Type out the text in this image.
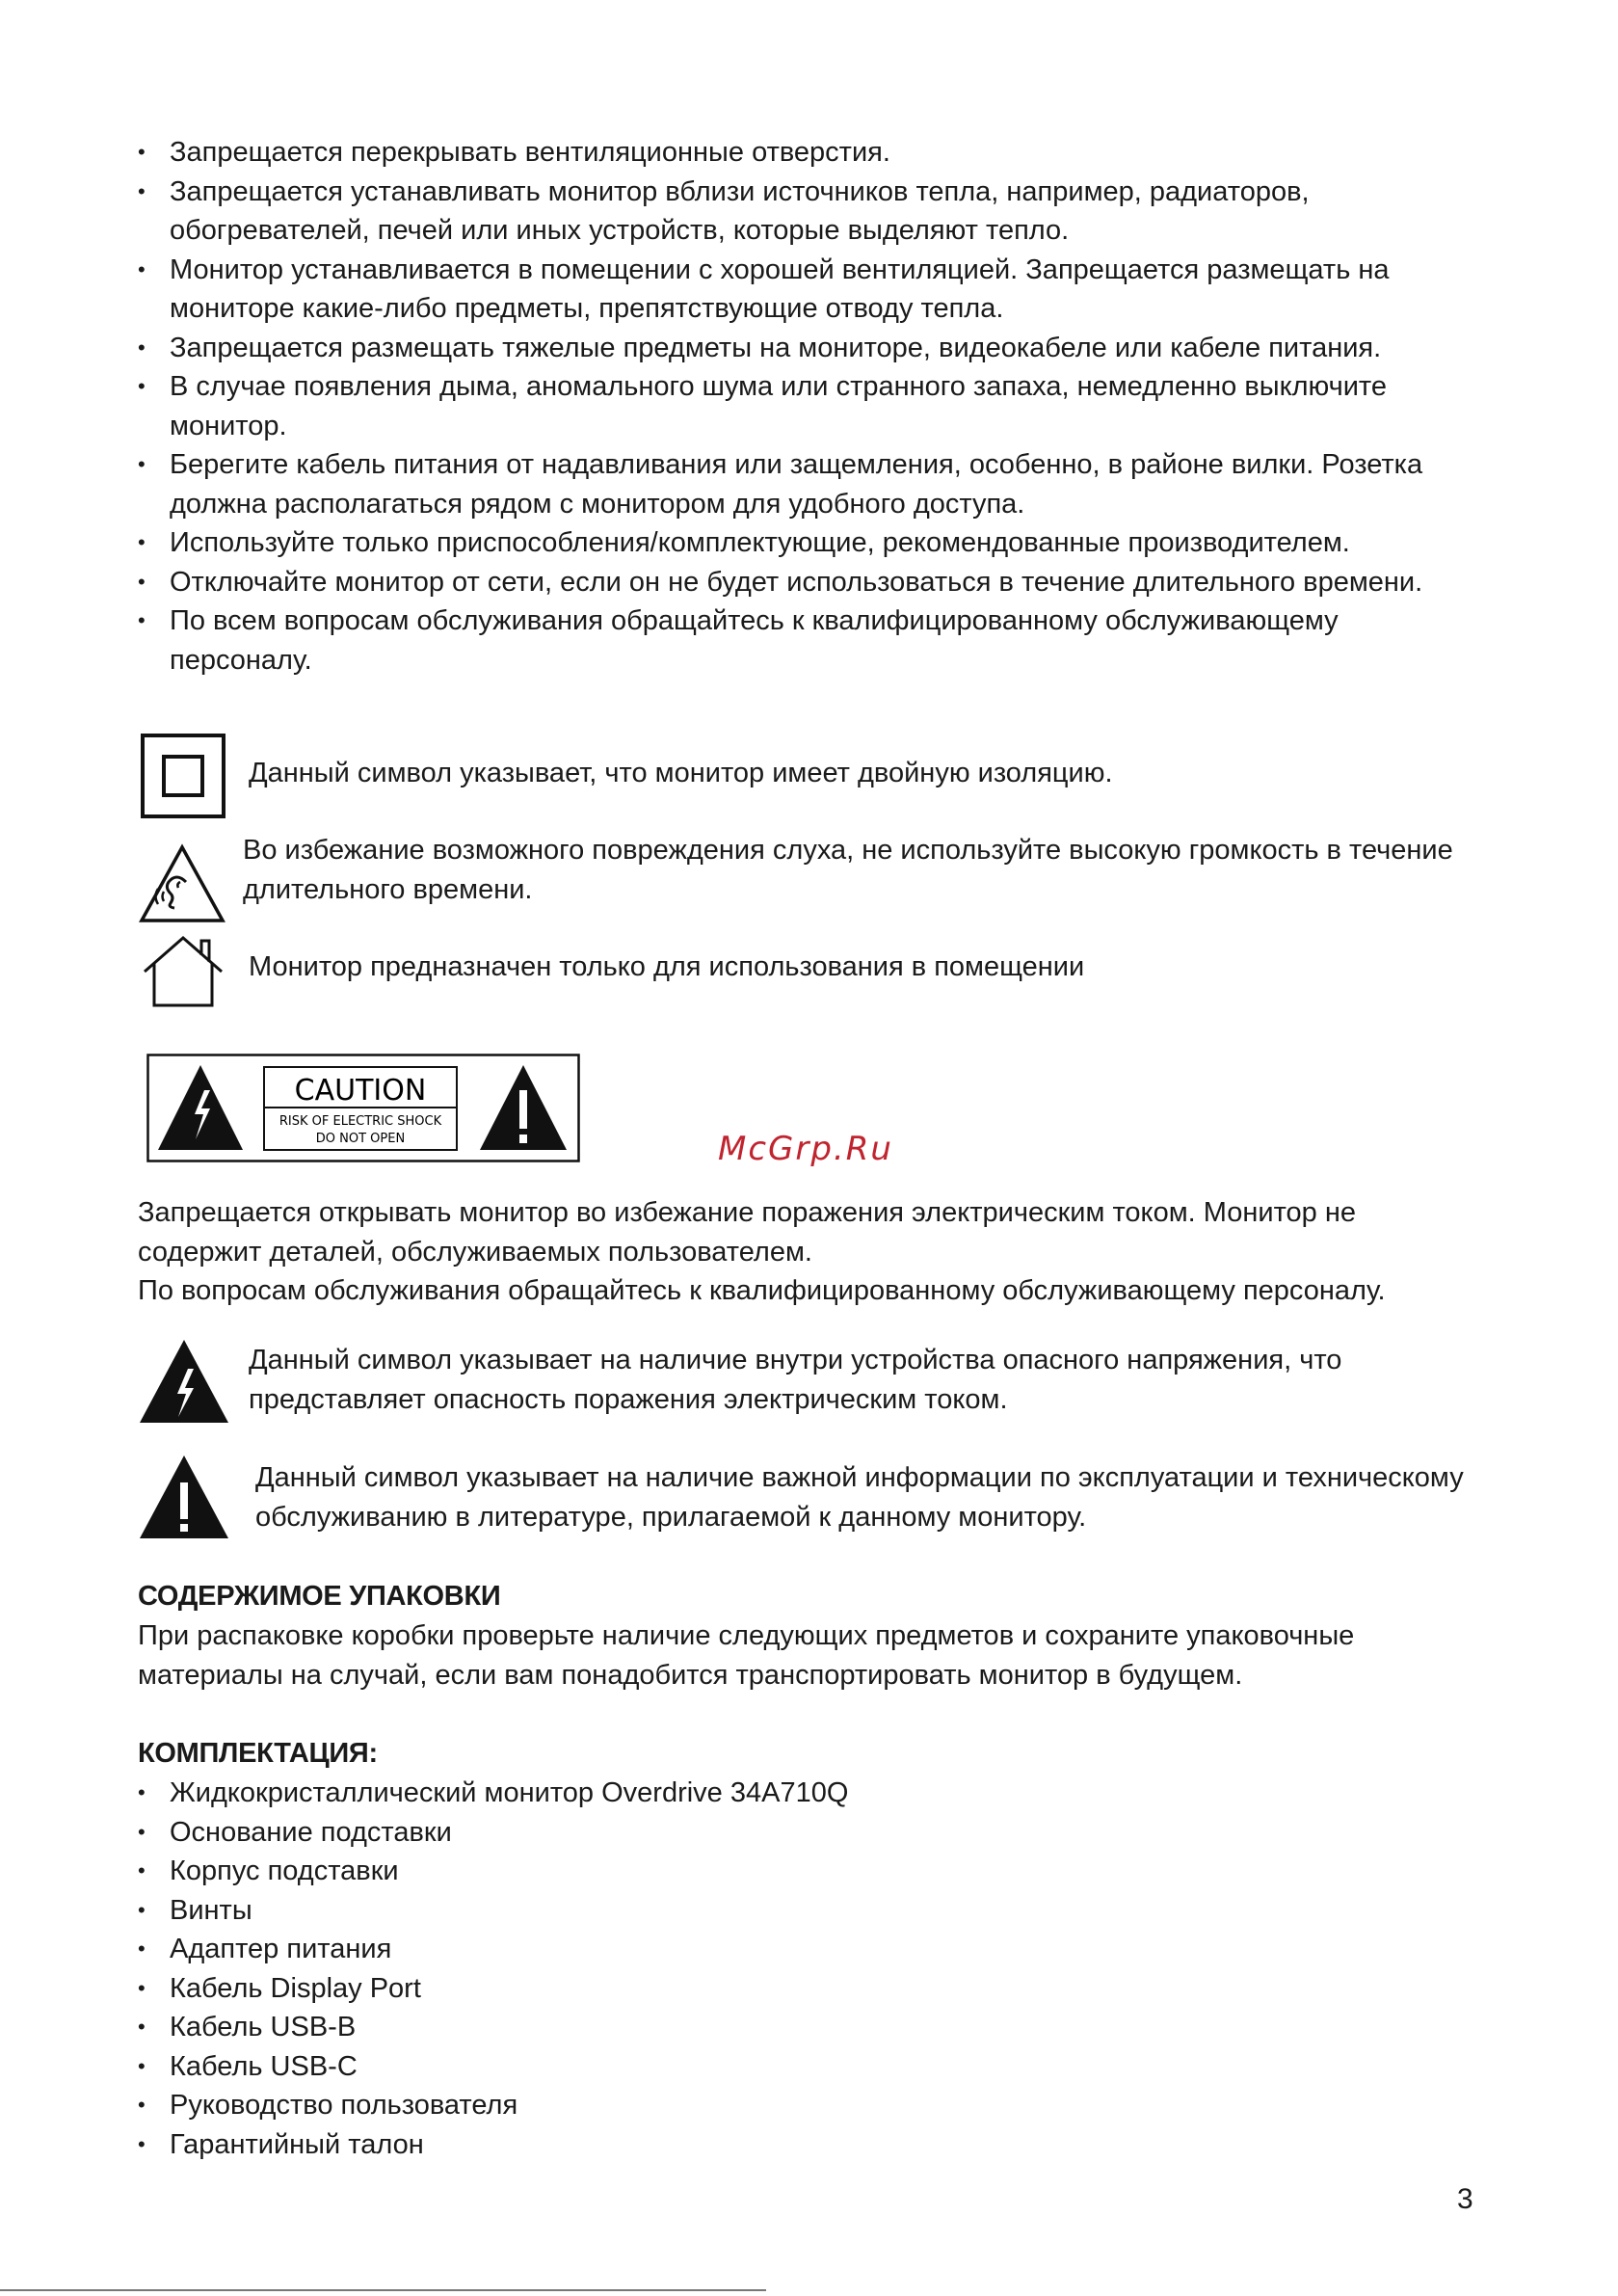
• Запрещается перекрывать вентиляционные отверстия.
• Запрещается устанавливать монитор вблизи источников тепла, например, радиаторов, обогревателей, печей или иных устройств, которые выделяют тепло.
• Монитор устанавливается в помещении с хорошей вентиляцией. Запрещается размещать на мониторе какие-либо предметы, препятствующие отводу тепла.
• Запрещается размещать тяжелые предметы на мониторе, видеокабеле или кабеле питания.
• В случае появления дыма, аномального шума или странного запаха, немедленно выключите монитор.
• Берегите кабель питания от надавливания или защемления, особенно, в районе вилки. Розетка должна располагаться рядом с монитором для удобного доступа.
• Используйте только приспособления/комплектующие, рекомендованные производителем.
• Отключайте монитор от сети, если он не будет использоваться в течение длительного времени.
• По всем вопросам обслуживания обращайтесь к квалифицированному обслуживающему персоналу.
Данный символ указывает, что монитор имеет двойную изоляцию.
Во избежание возможного повреждения слуха, не используйте высокую громкость в течение длительного времени.
Монитор предназначен только для использования в помещении
CAUTION
RISK OF ELECTRIC SHOCK
DO NOT OPEN	McGrp.Ru
Запрещается открывать монитор во избежание поражения электрическим током. Монитор не содержит деталей, обслуживаемых пользователем.
По вопросам обслуживания обращайтесь к квалифицированному обслуживающему персоналу.
Данный символ указывает на наличие внутри устройства опасного напряжения, что представляет опасность поражения электрическим током.
Данный символ указывает на наличие важной информации по эксплуатации и техническому обслуживанию в литературе, прилагаемой к данному монитору.
СОДЕРЖИМОЕ УПАКОВКИ
При распаковке коробки проверьте наличие следующих предметов и сохраните упаковочные материалы на случай, если вам понадобится транспортировать монитор в будущем.
КОМПЛЕКТАЦИЯ:
• Жидкокристаллический монитор Overdrive 34A710Q
• Основание подставки
• Корпус подставки
• Винты
• Адаптер питания
• Кабель Display Port
• Кабель USB-B
• Кабель USB-C
• Руководство пользователя
• Гарантийный талон
3
